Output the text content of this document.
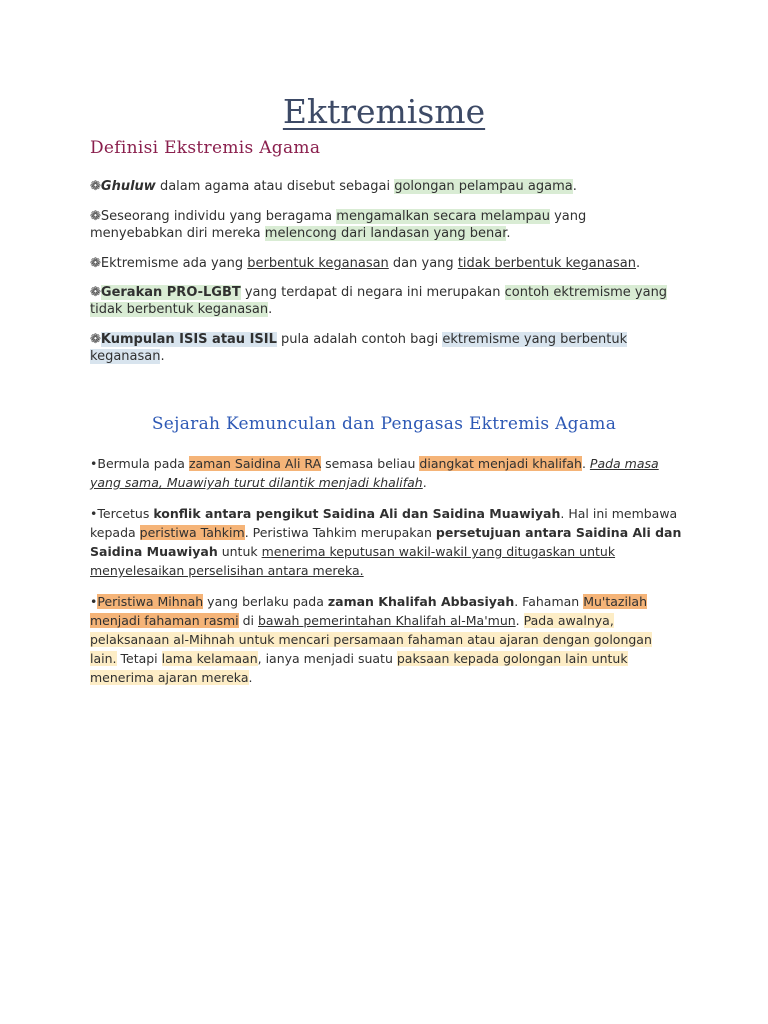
Ektremisme
Definisi Ekstremis Agama
❁Ghuluw dalam agama atau disebut sebagai golongan pelampau agama.
❁Seseorang individu yang beragama mengamalkan secara melampau yang menyebabkan diri mereka melencong dari landasan yang benar.
❁Ektremisme ada yang berbentuk keganasan dan yang tidak berbentuk keganasan.
❁Gerakan PRO-LGBT yang terdapat di negara ini merupakan contoh ektremisme yang tidak berbentuk keganasan.
❁Kumpulan ISIS atau ISIL pula adalah contoh bagi ektremisme yang berbentuk keganasan.
Sejarah Kemunculan dan Pengasas Ektremis Agama
•Bermula pada zaman Saidina Ali RA semasa beliau diangkat menjadi khalifah. Pada masa yang sama, Muawiyah turut dilantik menjadi khalifah.
•Tercetus konflik antara pengikut Saidina Ali dan Saidina Muawiyah. Hal ini membawa kepada peristiwa Tahkim. Peristiwa Tahkim merupakan persetujuan antara Saidina Ali dan Saidina Muawiyah untuk menerima keputusan wakil-wakil yang ditugaskan untuk menyelesaikan perselisihan antara mereka.
•Peristiwa Mihnah yang berlaku pada zaman Khalifah Abbasiyah. Fahaman Mu'tazilah menjadi fahaman rasmi di bawah pemerintahan Khalifah al-Ma'mun. Pada awalnya, pelaksanaan al-Mihnah untuk mencari persamaan fahaman atau ajaran dengan golongan lain. Tetapi lama kelamaan, ianya menjadi suatu paksaan kepada golongan lain untuk menerima ajaran mereka.
